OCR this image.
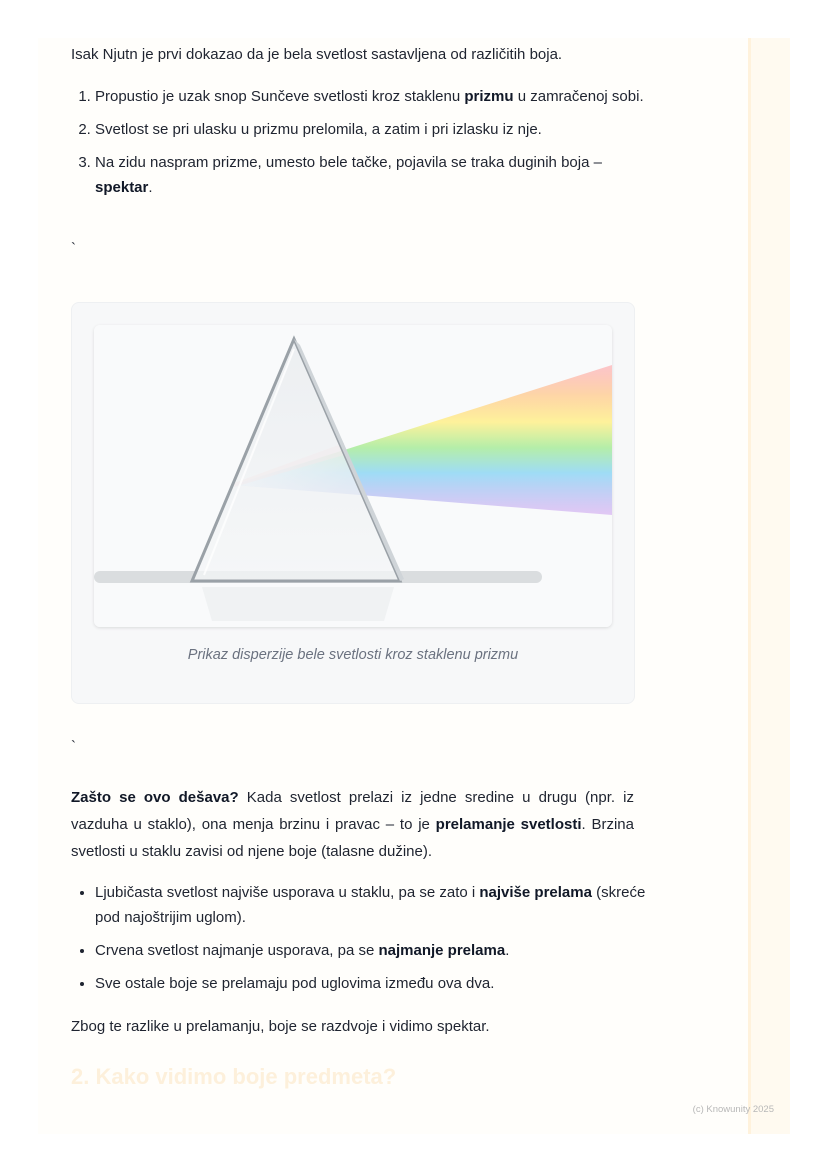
Isak Njutn je prvi dokazao da je bela svetlost sastavljena od različitih boja.

1. Propustio je uzak snop Sunčeve svetlosti kroz staklenu prizmu u zamračenoj sobi.
2. Svetlost se pri ulasku u prizmu prelomila, a zatim i pri izlasku iz nje.
3. Na zidu naspram prizme, umesto bele tačke, pojavila se traka duginih boja – spektar.
`
Prikaz disperzije bele svetlosti kroz staklenu prizmu
`

Zašto se ovo dešava? Kada svetlost prelazi iz jedne sredine u drugu (npr. iz vazduha u staklo), ona menja brzinu i pravac – to je prelamanje svetlosti. Brzina svetlosti u staklu zavisi od njene boje (talasne dužine).

• Ljubičasta svetlost najviše usporava u staklu, pa se zato i najviše prelama (skreće pod najoštrijim uglom).
• Crvena svetlost najmanje usporava, pa se najmanje prelama.
• Sve ostale boje se prelamaju pod uglovima između ova dva.

Zbog te razlike u prelamanju, boje se razdvoje i vidimo spektar.

2. Kako vidimo boje predmeta?
(c) Knowunity 2025
